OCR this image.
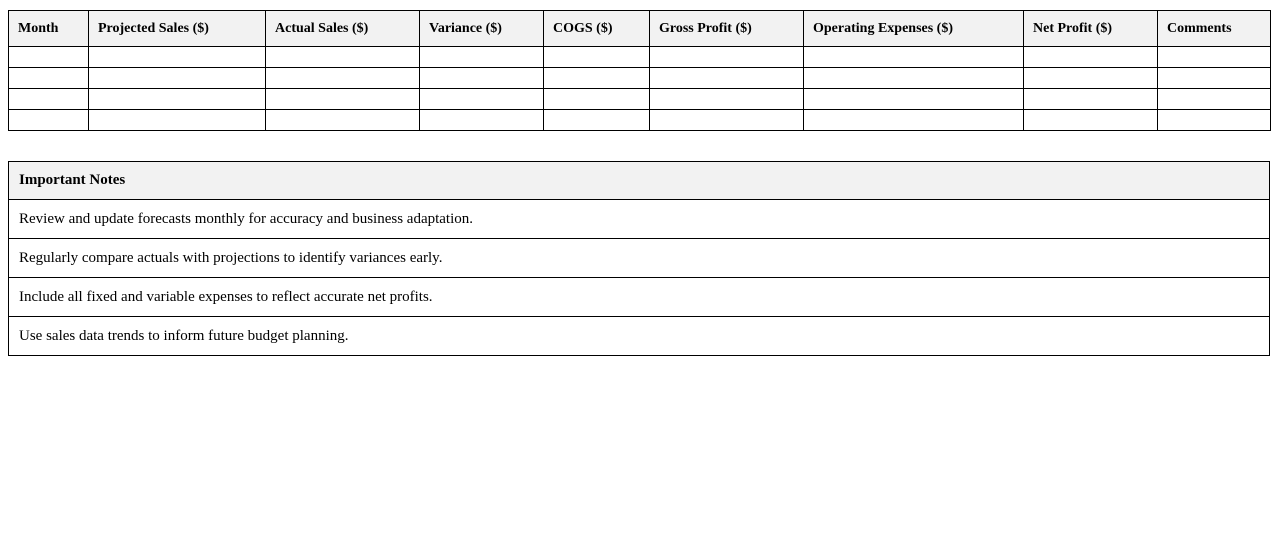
Month	Projected Sales ($)	Actual Sales ($)	Variance ($)	COGS ($)	Gross Profit ($)	Operating Expenses ($)	Net Profit ($)	Comments

Important Notes
Review and update forecasts monthly for accuracy and business adaptation.
Regularly compare actuals with projections to identify variances early.
Include all fixed and variable expenses to reflect accurate net profits.
Use sales data trends to inform future budget planning.
